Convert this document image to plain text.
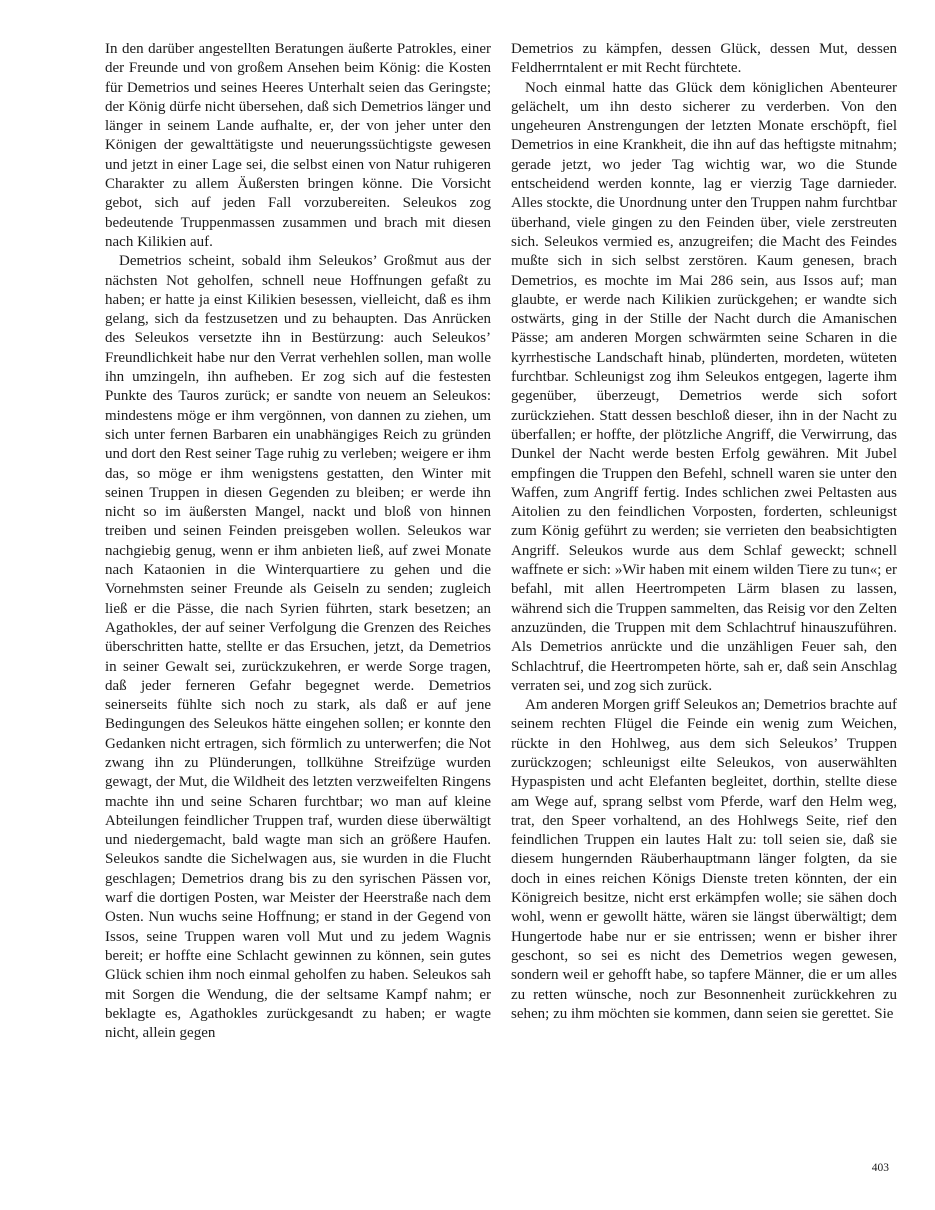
In den darüber angestellten Beratungen äußerte Patrokles, einer der Freunde und von großem Ansehen beim König: die Kosten für Demetrios und seines Heeres Unterhalt seien das Geringste; der König dürfe nicht übersehen, daß sich Demetrios länger und länger in seinem Lande aufhalte, er, der von jeher unter den Königen der gewalttätigste und neuerungssüchtigste gewesen und jetzt in einer Lage sei, die selbst einen von Natur ruhigeren Charakter zu allem Äußersten bringen könne. Die Vorsicht gebot, sich auf jeden Fall vorzubereiten. Seleukos zog bedeutende Truppenmassen zusammen und brach mit diesen nach Kilikien auf.

Demetrios scheint, sobald ihm Seleukos’ Großmut aus der nächsten Not geholfen, schnell neue Hoffnungen gefaßt zu haben; er hatte ja einst Kilikien besessen, vielleicht, daß es ihm gelang, sich da festzusetzen und zu behaupten. Das Anrücken des Seleukos versetzte ihn in Bestürzung: auch Seleukos’ Freundlichkeit habe nur den Verrat verhehlen sollen, man wolle ihn umzingeln, ihn aufheben. Er zog sich auf die festesten Punkte des Tauros zurück; er sandte von neuem an Seleukos: mindestens möge er ihm vergönnen, von dannen zu ziehen, um sich unter fernen Barbaren ein unabhängiges Reich zu gründen und dort den Rest seiner Tage ruhig zu verleben; weigere er ihm das, so möge er ihm wenigstens gestatten, den Winter mit seinen Truppen in diesen Gegenden zu bleiben; er werde ihn nicht so im äußersten Mangel, nackt und bloß von hinnen treiben und seinen Feinden preisgeben wollen. Seleukos war nachgiebig genug, wenn er ihm anbieten ließ, auf zwei Monate nach Kataonien in die Winterquartiere zu gehen und die Vornehmsten seiner Freunde als Geiseln zu senden; zugleich ließ er die Pässe, die nach Syrien führten, stark besetzen; an Agathokles, der auf seiner Verfolgung die Grenzen des Reiches überschritten hatte, stellte er das Ersuchen, jetzt, da Demetrios in seiner Gewalt sei, zurückzukehren, er werde Sorge tragen, daß jeder ferneren Gefahr begegnet werde. Demetrios seinerseits fühlte sich noch zu stark, als daß er auf jene Bedingungen des Seleukos hätte eingehen sollen; er konnte den Gedanken nicht ertragen, sich förmlich zu unterwerfen; die Not zwang ihn zu Plünderungen, tollkühne Streifzüge wurden gewagt, der Mut, die Wildheit des letzten verzweifelten Ringens machte ihn und seine Scharen furchtbar; wo man auf kleine Abteilungen feindlicher Truppen traf, wurden diese überwältigt und niedergemacht, bald wagte man sich an größere Haufen. Seleukos sandte die Sichelwagen aus, sie wurden in die Flucht geschlagen; Demetrios drang bis zu den syrischen Pässen vor, warf die dortigen Posten, war Meister der Heerstraße nach dem Osten. Nun wuchs seine Hoffnung; er stand in der Gegend von Issos, seine Truppen waren voll Mut und zu jedem Wagnis bereit; er hoffte eine Schlacht gewinnen zu können, sein gutes Glück schien ihm noch einmal geholfen zu haben. Seleukos sah mit Sorgen die Wendung, die der seltsame Kampf nahm; er beklagte es, Agathokles zurückgesandt zu haben; er wagte nicht, allein gegen

Demetrios zu kämpfen, dessen Glück, dessen Mut, dessen Feldherrntalent er mit Recht fürchtete.

Noch einmal hatte das Glück dem königlichen Abenteurer gelächelt, um ihn desto sicherer zu verderben. Von den ungeheuren Anstrengungen der letzten Monate erschöpft, fiel Demetrios in eine Krankheit, die ihn auf das heftigste mitnahm; gerade jetzt, wo jeder Tag wichtig war, wo die Stunde entscheidend werden konnte, lag er vierzig Tage darnieder. Alles stockte, die Unordnung unter den Truppen nahm furchtbar überhand, viele gingen zu den Feinden über, viele zerstreuten sich. Seleukos vermied es, anzugreifen; die Macht des Feindes mußte sich in sich selbst zerstören. Kaum genesen, brach Demetrios, es mochte im Mai 286 sein, aus Issos auf; man glaubte, er werde nach Kilikien zurückgehen; er wandte sich ostwärts, ging in der Stille der Nacht durch die Amanischen Pässe; am anderen Morgen schwärmten seine Scharen in die kyrrhestische Landschaft hinab, plünderten, mordeten, wüteten furchtbar. Schleunigst zog ihm Seleukos entgegen, lagerte ihm gegenüber, überzeugt, Demetrios werde sich sofort zurückziehen. Statt dessen beschloß dieser, ihn in der Nacht zu überfallen; er hoffte, der plötzliche Angriff, die Verwirrung, das Dunkel der Nacht werde besten Erfolg gewähren. Mit Jubel empfingen die Truppen den Befehl, schnell waren sie unter den Waffen, zum Angriff fertig. Indes schlichen zwei Peltasten aus Aitolien zu den feindlichen Vorposten, forderten, schleunigst zum König geführt zu werden; sie verrieten den beabsichtigten Angriff. Seleukos wurde aus dem Schlaf geweckt; schnell waffnete er sich: »Wir haben mit einem wilden Tiere zu tun«; er befahl, mit allen Heertrompeten Lärm blasen zu lassen, während sich die Truppen sammelten, das Reisig vor den Zelten anzuzünden, die Truppen mit dem Schlachtruf hinauszuführen. Als Demetrios anrückte und die unzähligen Feuer sah, den Schlachtruf, die Heertrompeten hörte, sah er, daß sein Anschlag verraten sei, und zog sich zurück.

Am anderen Morgen griff Seleukos an; Demetrios brachte auf seinem rechten Flügel die Feinde ein wenig zum Weichen, rückte in den Hohlweg, aus dem sich Seleukos’ Truppen zurückzogen; schleunigst eilte Seleukos, von auserwählten Hypaspisten und acht Elefanten begleitet, dorthin, stellte diese am Wege auf, sprang selbst vom Pferde, warf den Helm weg, trat, den Speer vorhaltend, an des Hohlwegs Seite, rief den feindlichen Truppen ein lautes Halt zu: toll seien sie, daß sie diesem hungernden Räuberhauptmann länger folgten, da sie doch in eines reichen Königs Dienste treten könnten, der ein Königreich besitze, nicht erst erkämpfen wolle; sie sähen doch wohl, wenn er gewollt hätte, wären sie längst überwältigt; dem Hungertode habe nur er sie entrissen; wenn er bisher ihrer geschont, so sei es nicht des Demetrios wegen gewesen, sondern weil er gehofft habe, so tapfere Männer, die er um alles zu retten wünsche, noch zur Besonnenheit zurückkehren zu sehen; zu ihm möchten sie kommen, dann seien sie gerettet. Sie

403
